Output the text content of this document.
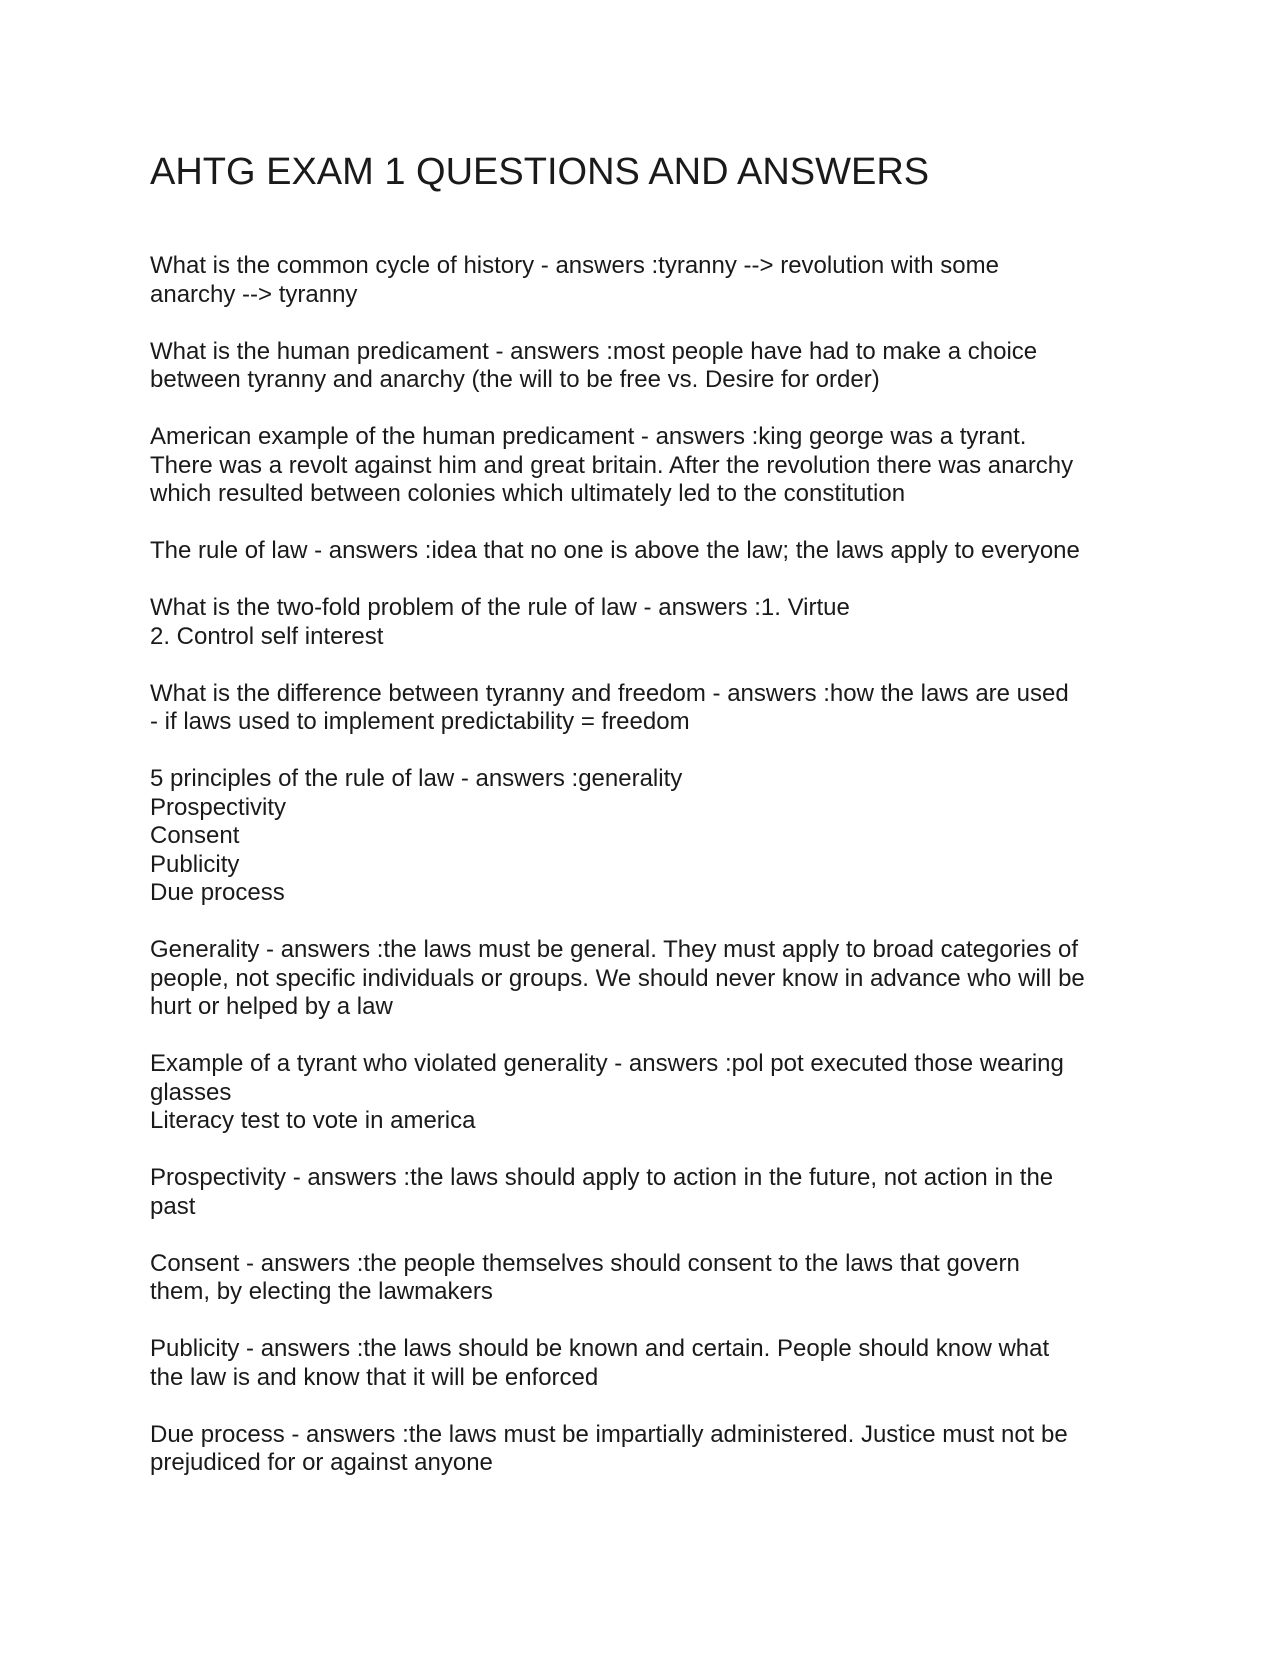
AHTG EXAM 1 QUESTIONS AND ANSWERS
What is the common cycle of history - answers :tyranny --> revolution with some
anarchy --> tyranny
What is the human predicament - answers :most people have had to make a choice
between tyranny and anarchy (the will to be free vs. Desire for order)
American example of the human predicament - answers :king george was a tyrant.
There was a revolt against him and great britain. After the revolution there was anarchy
which resulted between colonies which ultimately led to the constitution
The rule of law - answers :idea that no one is above the law; the laws apply to everyone
What is the two-fold problem of the rule of law - answers :1. Virtue
2. Control self interest
What is the difference between tyranny and freedom - answers :how the laws are used
- if laws used to implement predictability = freedom
5 principles of the rule of law - answers :generality
Prospectivity
Consent
Publicity
Due process
Generality - answers :the laws must be general. They must apply to broad categories of
people, not specific individuals or groups. We should never know in advance who will be
hurt or helped by a law
Example of a tyrant who violated generality - answers :pol pot executed those wearing
glasses
Literacy test to vote in america
Prospectivity - answers :the laws should apply to action in the future, not action in the
past
Consent - answers :the people themselves should consent to the laws that govern
them, by electing the lawmakers
Publicity - answers :the laws should be known and certain. People should know what
the law is and know that it will be enforced
Due process - answers :the laws must be impartially administered. Justice must not be
prejudiced for or against anyone
